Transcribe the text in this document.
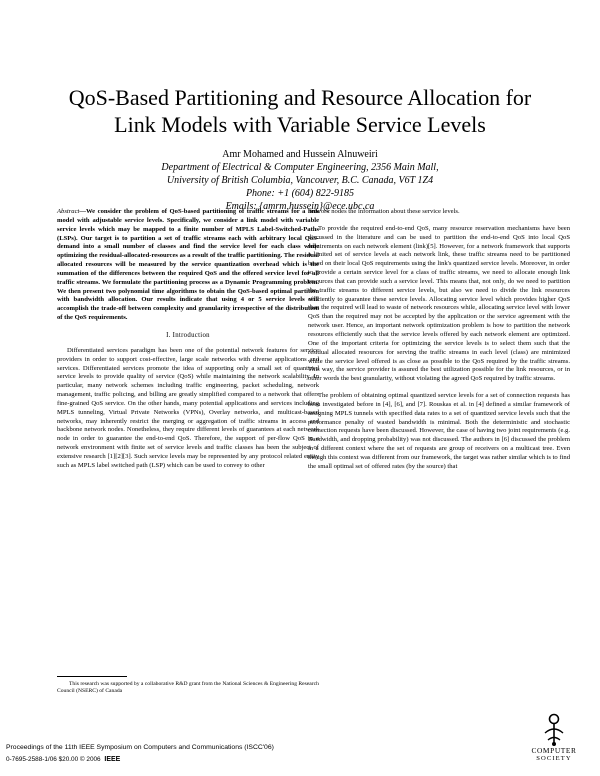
QoS-Based Partitioning and Resource Allocation for
Link Models with Variable Service Levels
Amr Mohamed and Hussein Alnuweiri
Department of Electrical & Computer Engineering, 2356 Main Mall,
University of British Columbia, Vancouver, B.C. Canada, V6T 1Z4
Phone: +1 (604) 822-9185
Emails: {amrm,hussein}@ece.ubc.ca

Abstract—We consider the problem of QoS-based partitioning of traffic streams for a link model with adjustable service levels. Specifically, we consider a link model with variable service levels which may be mapped to a finite number of MPLS Label-Switched-Paths (LSPs). Our target is to partition a set of traffic streams each with arbitrary local QoS-demand into a small number of classes and find the service level for each class while optimizing the residual-allocated-resources as a result of the traffic partitioning. The residual allocated resources will be measured by the service quantization overhead which is the summation of the differences between the required QoS and the offered service level for all traffic streams. We formulate the partitioning process as a Dynamic Programming problem. We then present two polynomial time algorithms to obtain the QoS-based optimal partition with bandwidth allocation. Our results indicate that using 4 or 5 service levels will accomplish the trade-off between complexity and granularity irrespective of the distribution of the QoS requirements.

I. Introduction

Differentiated services paradigm has been one of the potential network features for service providers in order to support cost-effective, large scale networks with diverse applications and services. Differentiated services promote the idea of supporting only a small set of quantized service levels to provide quality of service (QoS) while maintaining the network scalability. In particular, many network schemes including traffic engineering, packet scheduling, network management, traffic policing, and billing are greatly simplified compared to a network that offers fine-grained QoS service. On the other hands, many potential applications and services including MPLS tunneling, Virtual Private Networks (VPNs), Overlay networks, and multicast-based networks, may inherently restrict the merging or aggregation of traffic streams in access and backbone network nodes. Nonetheless, they require different levels of guarantees at each network node in order to guarantee the end-to-end QoS. Therefore, the support of per-flow QoS in a network environment with finite set of service levels and traffic classes has been the subject of extensive research [1][2][3]. Such service levels may be represented by any protocol related entity such as MPLS label switched path (LSP) which can be used to convey to other

This research was supported by a collaborative R&D grant from the National Sciences & Engineering Research Council (NSERC) of Canada

network nodes the information about these service levels.

To provide the required end-to-end QoS, many resource reservation mechanisms have been discussed in the literature and can be used to partition the end-to-end QoS into local QoS requirements on each network element (link)[5]. However, for a network framework that supports a limited set of service levels at each network link, these traffic streams need to be partitioned based on their local QoS requirements using the link's quantized service levels. Moreover, in order to provide a certain service level for a class of traffic streams, we need to allocate enough link resources that can provide such a service level. This means that, not only, do we need to partition the traffic streams to different service levels, but also we need to divide the link resources efficiently to guarantee these service levels. Allocating service level which provides higher QoS than the required will lead to waste of network resources while, allocating service level with lower QoS than the required may not be accepted by the application or the service agreement with the network user. Hence, an important network optimization problem is how to partition the network resources efficiently such that the service levels offered by each network element are optimized. One of the important criteria for optimizing the service levels is to select them such that the residual allocated resources for serving the traffic streams in each level (class) are minimized while the service level offered is as close as possible to the QoS required by the traffic streams. This way, the service provider is assured the best utilization possible for the link resources, or in other words the best granularity, without violating the agreed QoS required by traffic streams.

The problem of obtaining optimal quantized service levels for a set of connection requests has been investigated before in [4], [6], and [7]. Rouskas et al. in [4] defined a similar framework of assigning MPLS tunnels with specified data rates to a set of quantized service levels such that the performance penalty of wasted bandwidth is minimal. Both the deterministic and stochastic connection requests have been discussed. However, the case of having two joint requirements (e.g. Bandwidth, and dropping probability) was not discussed. The authors in [6] discussed the problem in a different context where the set of requests are group of receivers on a multicast tree. Even though this context was different from our framework, the target was rather similar which is to find the small optimal set of offered rates (by the source) that

Proceedings of the 11th IEEE Symposium on Computers and Communications (ISCC'06)
0-7695-2588-1/06 $20.00 © 2006 IEEE
COMPUTER
SOCIETY
